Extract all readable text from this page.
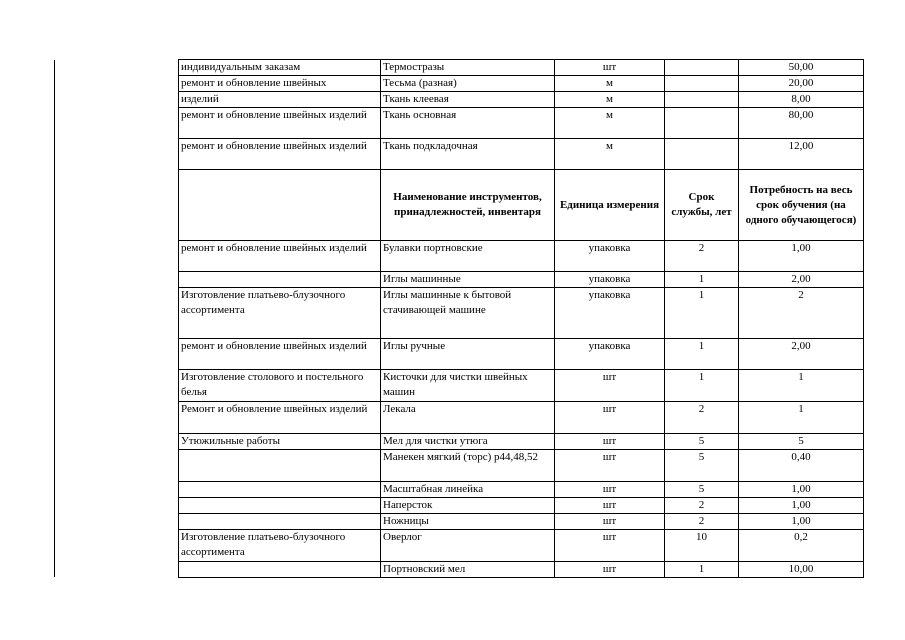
индивидуальным заказам	Термостразы	шт		50,00
ремонт и обновление швейных	Тесьма (разная)	м		20,00
изделий	Ткань клеевая	м		8,00
ремонт и обновление швейных изделий	Ткань основная	м		80,00
ремонт и обновление швейных изделий	Ткань подкладочная	м		12,00
	Наименование инструментов, принадлежностей, инвентаря	Единица измерения	Срок службы, лет	Потребность на весь срок обучения (на одного обучающегося)
ремонт и обновление швейных изделий	Булавки портновские	упаковка	2	1,00
	Иглы машинные	упаковка	1	2,00
Изготовление платьево-блузочного ассортимента	Иглы машинные к бытовой стачивающей машине	упаковка	1	2
ремонт и обновление швейных изделий	Иглы ручные	упаковка	1	2,00
Изготовление столового и постельного белья	Кисточки для чистки швейных машин	шт	1	1
Ремонт и обновление швейных изделий	Лекала	шт	2	1
Утюжильные работы	Мел для чистки утюга	шт	5	5
	Манекен мягкий (торс) р44,48,52	шт	5	0,40
	Масштабная линейка	шт	5	1,00
	Наперсток	шт	2	1,00
	Ножницы	шт	2	1,00
Изготовление платьево-блузочного ассортимента	Оверлог	шт	10	0,2
	Портновский мел	шт	1	10,00
